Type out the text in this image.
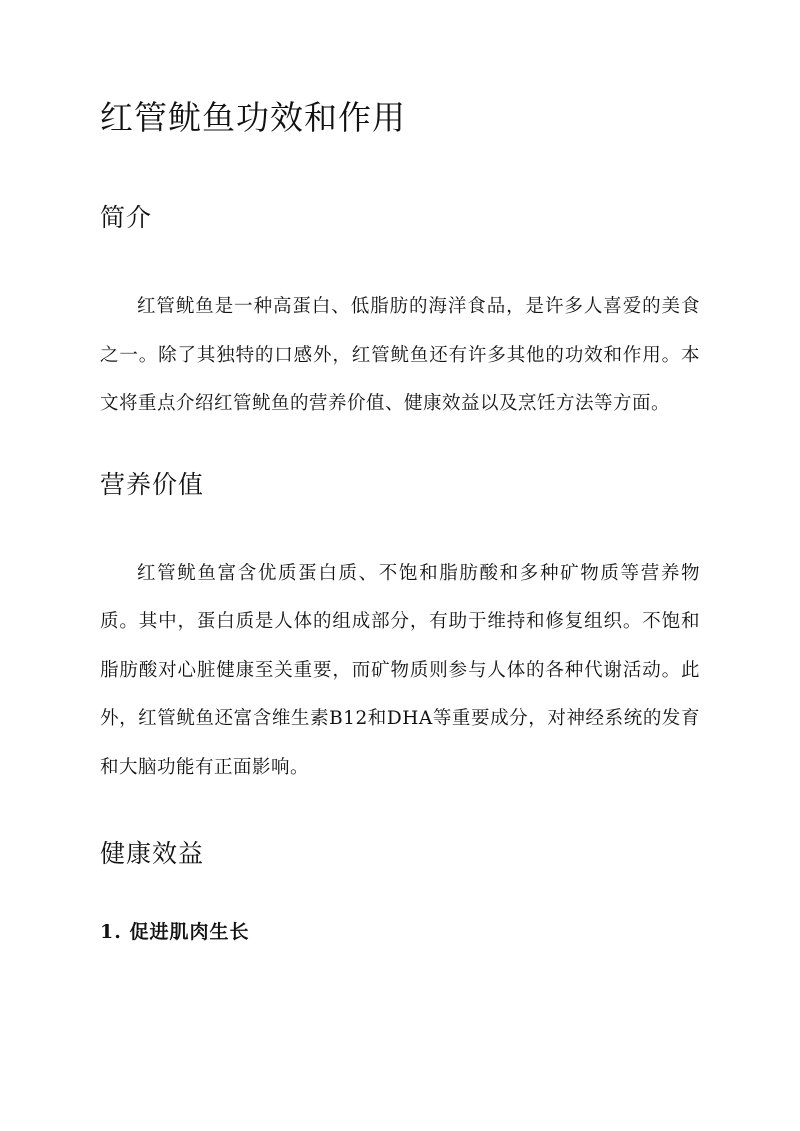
红管鱿鱼功效和作用
简介

红管鱿鱼是一种高蛋白、低脂肪的海洋食品，是许多人喜爱的美食之一。除了其独特的口感外，红管鱿鱼还有许多其他的功效和作用。本文将重点介绍红管鱿鱼的营养价值、健康效益以及烹饪方法等方面。

营养价值

红管鱿鱼富含优质蛋白质、不饱和脂肪酸和多种矿物质等营养物质。其中，蛋白质是人体的组成部分，有助于维持和修复组织。不饱和脂肪酸对心脏健康至关重要，而矿物质则参与人体的各种代谢活动。此外，红管鱿鱼还富含维生素B12和DHA等重要成分，对神经系统的发育和大脑功能有正面影响。

健康效益
1. 促进肌肉生长
